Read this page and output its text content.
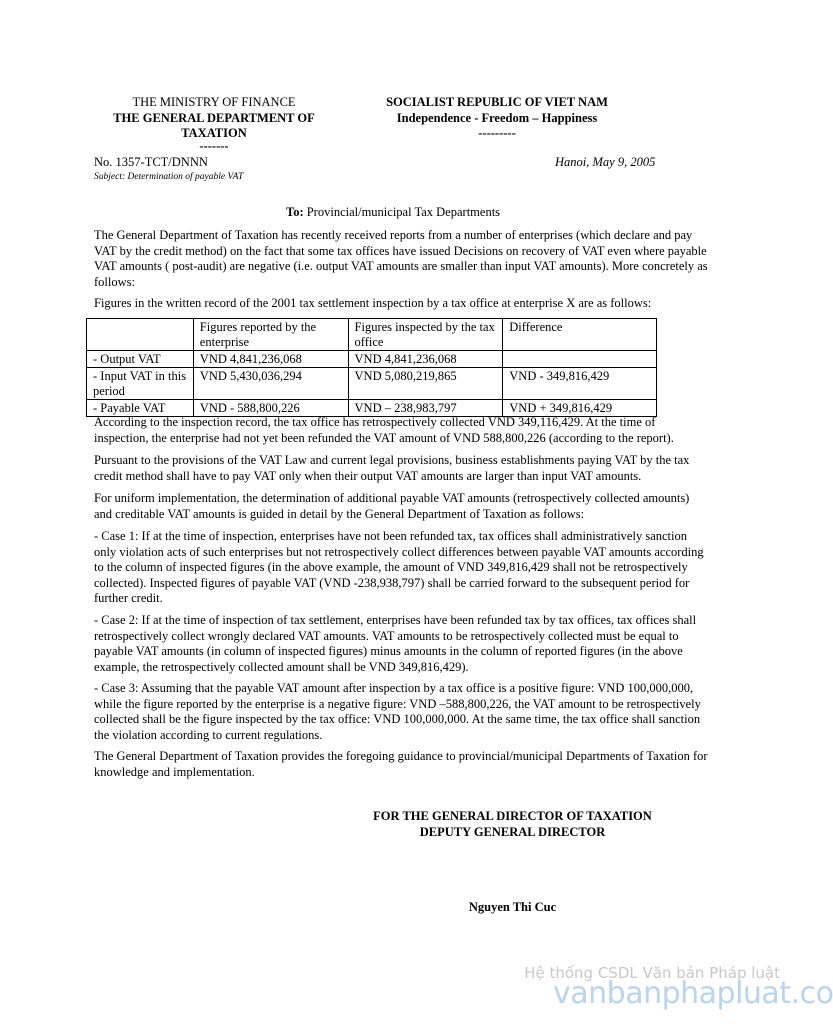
THE MINISTRY OF FINANCE
THE GENERAL DEPARTMENT OF
TAXATION
-------
SOCIALIST REPUBLIC OF VIET NAM
Independence - Freedom – Happiness
---------
No. 1357-TCT/DNNN	Hanoi, May 9, 2005
Subject: Determination of payable VAT
To: Provincial/municipal Tax Departments
The General Department of Taxation has recently received reports from a number of enterprises (which declare and pay VAT by the credit method) on the fact that some tax offices have issued Decisions on recovery of VAT even where payable VAT amounts ( post-audit) are negative (i.e. output VAT amounts are smaller than input VAT amounts). More concretely as follows:
Figures in the written record of the 2001 tax settlement inspection by a tax office at enterprise X are as follows:
	Figures reported by the enterprise	Figures inspected by the tax office	Difference
- Output VAT	VND 4,841,236,068	VND 4,841,236,068	
- Input VAT in this period	VND 5,430,036,294	VND 5,080,219,865	VND - 349,816,429
- Payable VAT	VND - 588,800,226	VND – 238,983,797	VND + 349,816,429
According to the inspection record, the tax office has retrospectively collected VND 349,116,429. At the time of inspection, the enterprise had not yet been refunded the VAT amount of VND 588,800,226 (according to the report).
Pursuant to the provisions of the VAT Law and current legal provisions, business establishments paying VAT by the tax credit method shall have to pay VAT only when their output VAT amounts are larger than input VAT amounts.
For uniform implementation, the determination of additional payable VAT amounts (retrospectively collected amounts) and creditable VAT amounts is guided in detail by the General Department of Taxation as follows:
- Case 1: If at the time of inspection, enterprises have not been refunded tax, tax offices shall administratively sanction only violation acts of such enterprises but not retrospectively collect differences between payable VAT amounts according to the column of inspected figures (in the above example, the amount of VND 349,816,429 shall not be retrospectively collected). Inspected figures of payable VAT (VND -238,938,797) shall be carried forward to the subsequent period for further credit.
- Case 2: If at the time of inspection of tax settlement, enterprises have been refunded tax by tax offices, tax offices shall retrospectively collect wrongly declared VAT amounts. VAT amounts to be retrospectively collected must be equal to payable VAT amounts (in column of inspected figures) minus amounts in the column of reported figures (in the above example, the retrospectively collected amount shall be VND 349,816,429).
- Case 3: Assuming that the payable VAT amount after inspection by a tax office is a positive figure: VND 100,000,000, while the figure reported by the enterprise is a negative figure: VND –588,800,226, the VAT amount to be retrospectively collected shall be the figure inspected by the tax office: VND 100,000,000. At the same time, the tax office shall sanction the violation according to current regulations.
The General Department of Taxation provides the foregoing guidance to provincial/municipal Departments of Taxation for knowledge and implementation.
FOR THE GENERAL DIRECTOR OF TAXATION
DEPUTY GENERAL DIRECTOR
Nguyen Thi Cuc
Hệ thống CSDL Văn bản Pháp luật
vanbanphapluat.co
